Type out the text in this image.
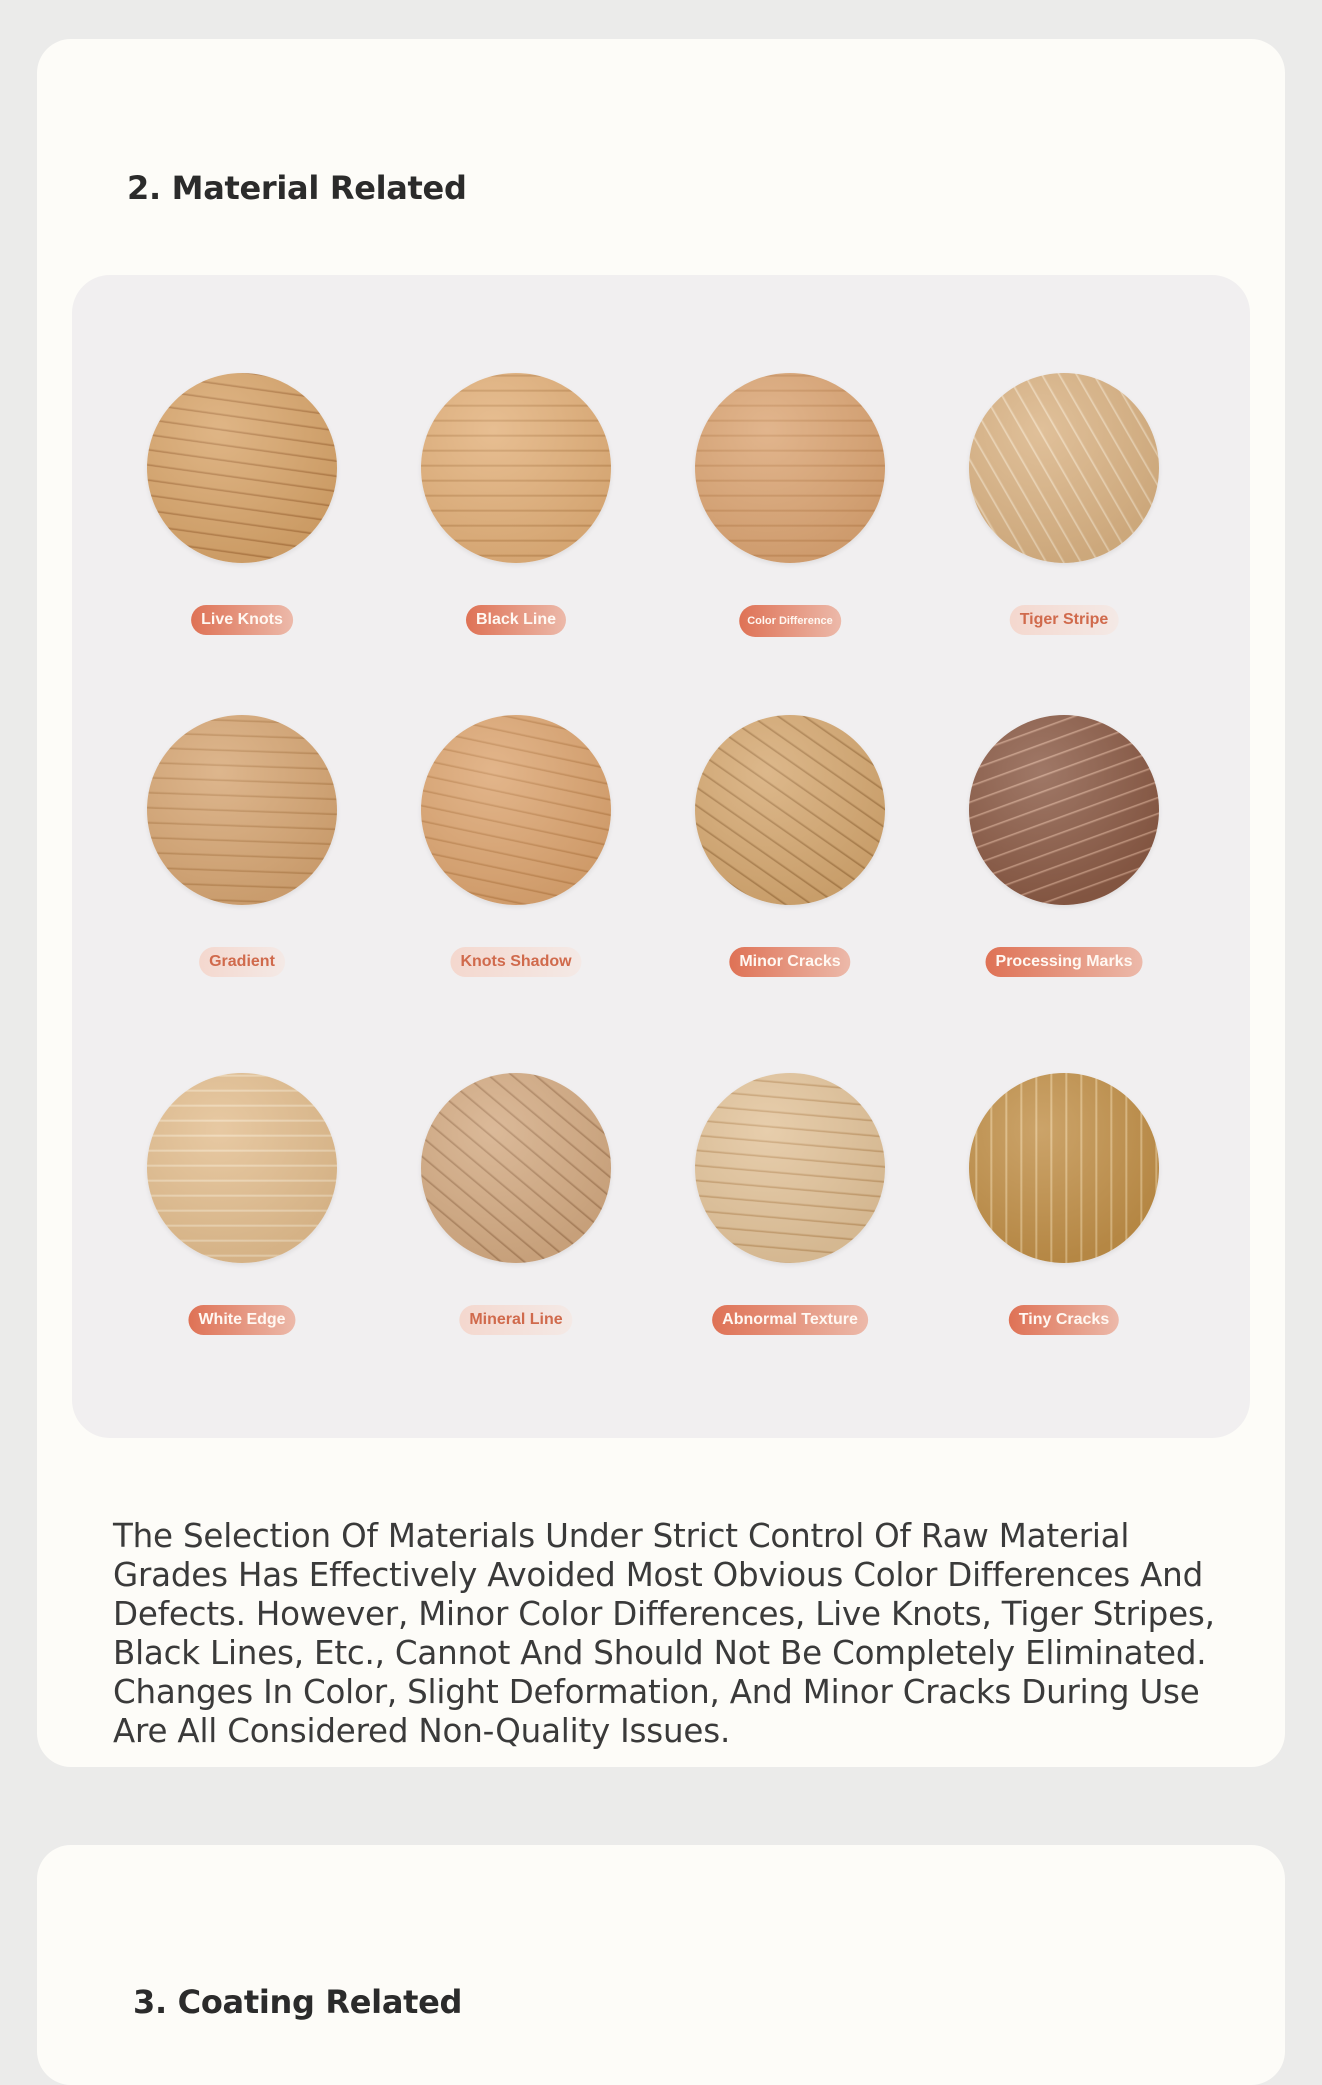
2. Material Related
Live Knots	Black Line	Color Difference	Tiger Stripe
Gradient	Knots Shadow	Minor Cracks	Processing Marks
White Edge	Mineral Line	Abnormal Texture	Tiny Cracks

The Selection Of Materials Under Strict Control Of Raw Material Grades Has Effectively Avoided Most Obvious Color Differences And Defects. However, Minor Color Differences, Live Knots, Tiger Stripes, Black Lines, Etc., Cannot And Should Not Be Completely Eliminated. Changes In Color, Slight Deformation, And Minor Cracks During Use Are All Considered Non-Quality Issues.

3. Coating Related
